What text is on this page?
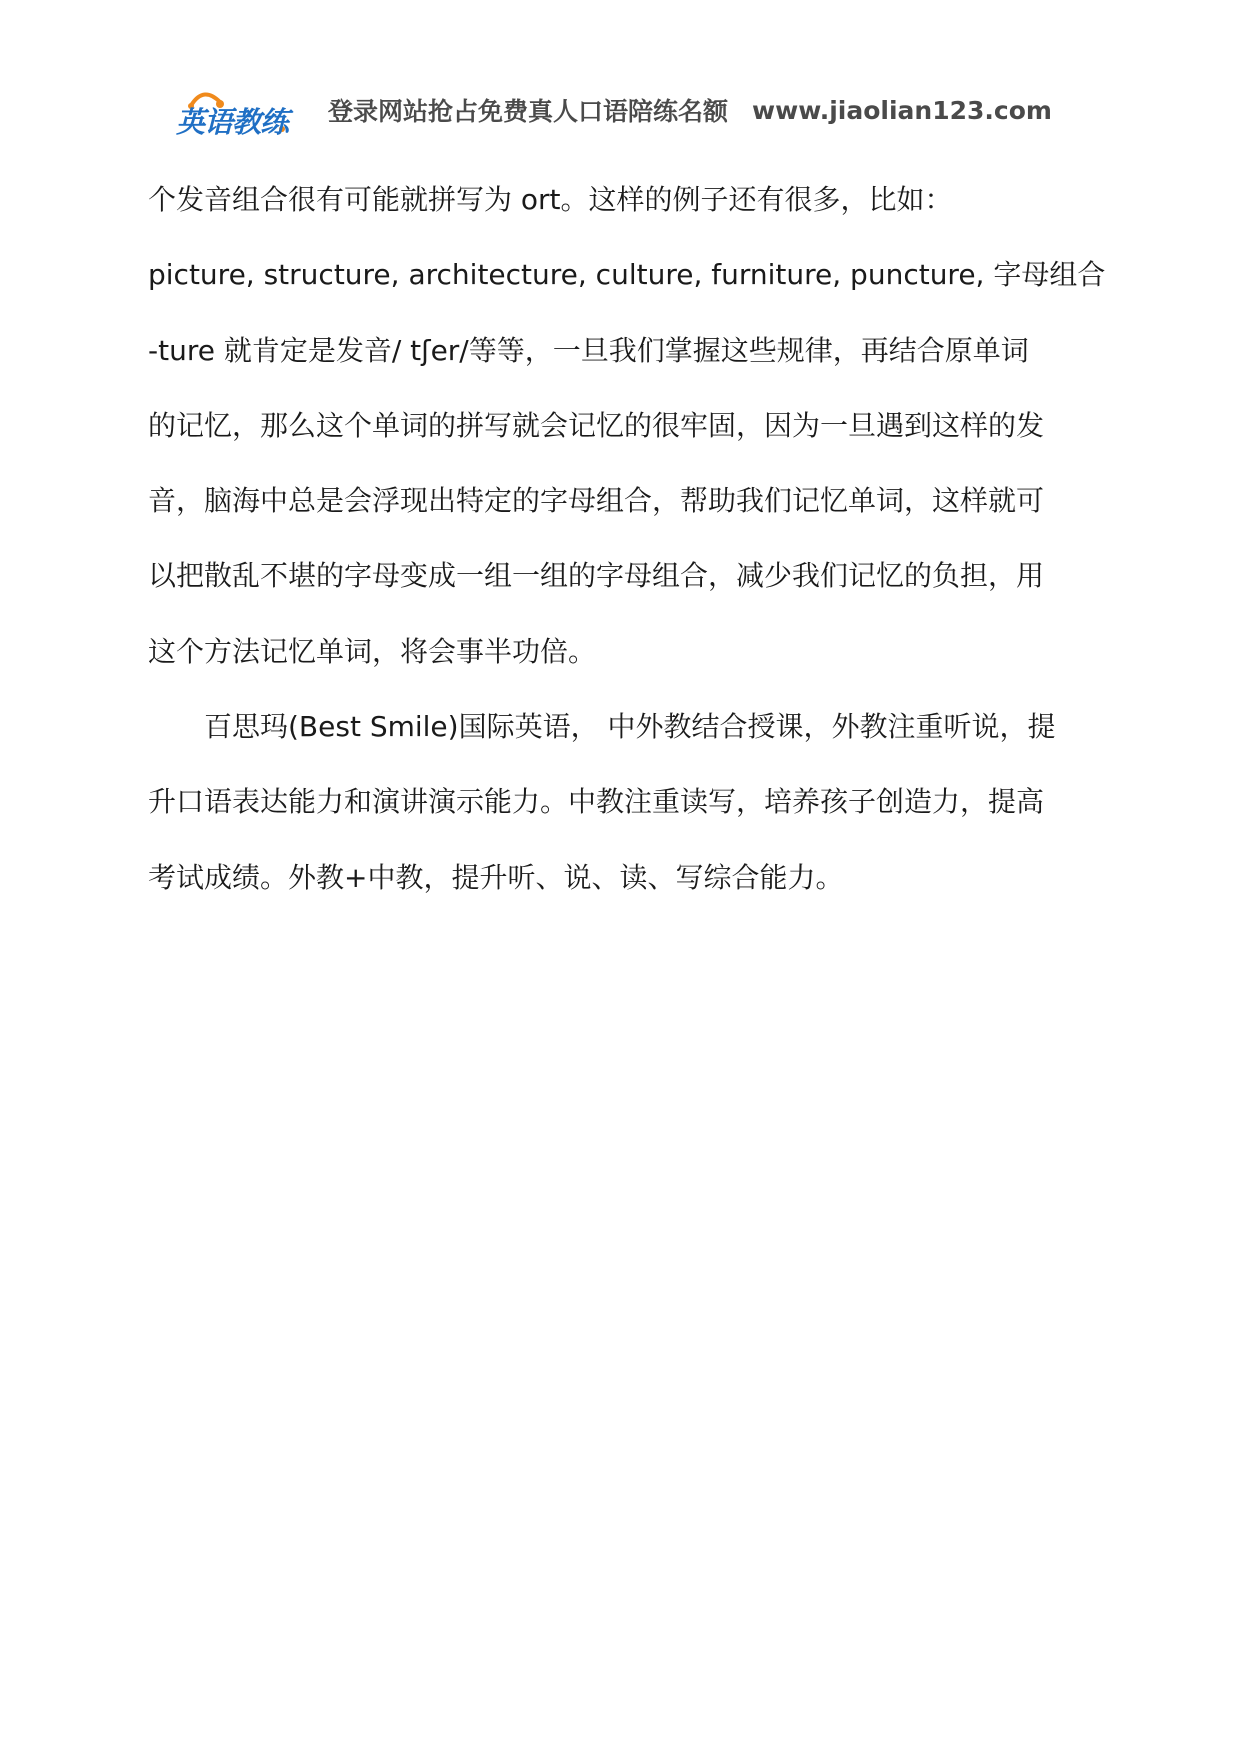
英语教练 登录网站抢占免费真人口语陪练名额 www.jiaolian123.com
个发音组合很有可能就拼写为 ort。这样的例子还有很多，比如：
picture, structure, architecture, culture, furniture, puncture, 字母组合
-ture 就肯定是发音/ tʃer/等等，一旦我们掌握这些规律，再结合原单词
的记忆，那么这个单词的拼写就会记忆的很牢固，因为一旦遇到这样的发
音，脑海中总是会浮现出特定的字母组合，帮助我们记忆单词，这样就可
以把散乱不堪的字母变成一组一组的字母组合，减少我们记忆的负担，用
这个方法记忆单词，将会事半功倍。
百思玛(Best Smile)国际英语， 中外教结合授课，外教注重听说，提
升口语表达能力和演讲演示能力。中教注重读写，培养孩子创造力，提高
考试成绩。外教+中教，提升听、说、读、写综合能力。
